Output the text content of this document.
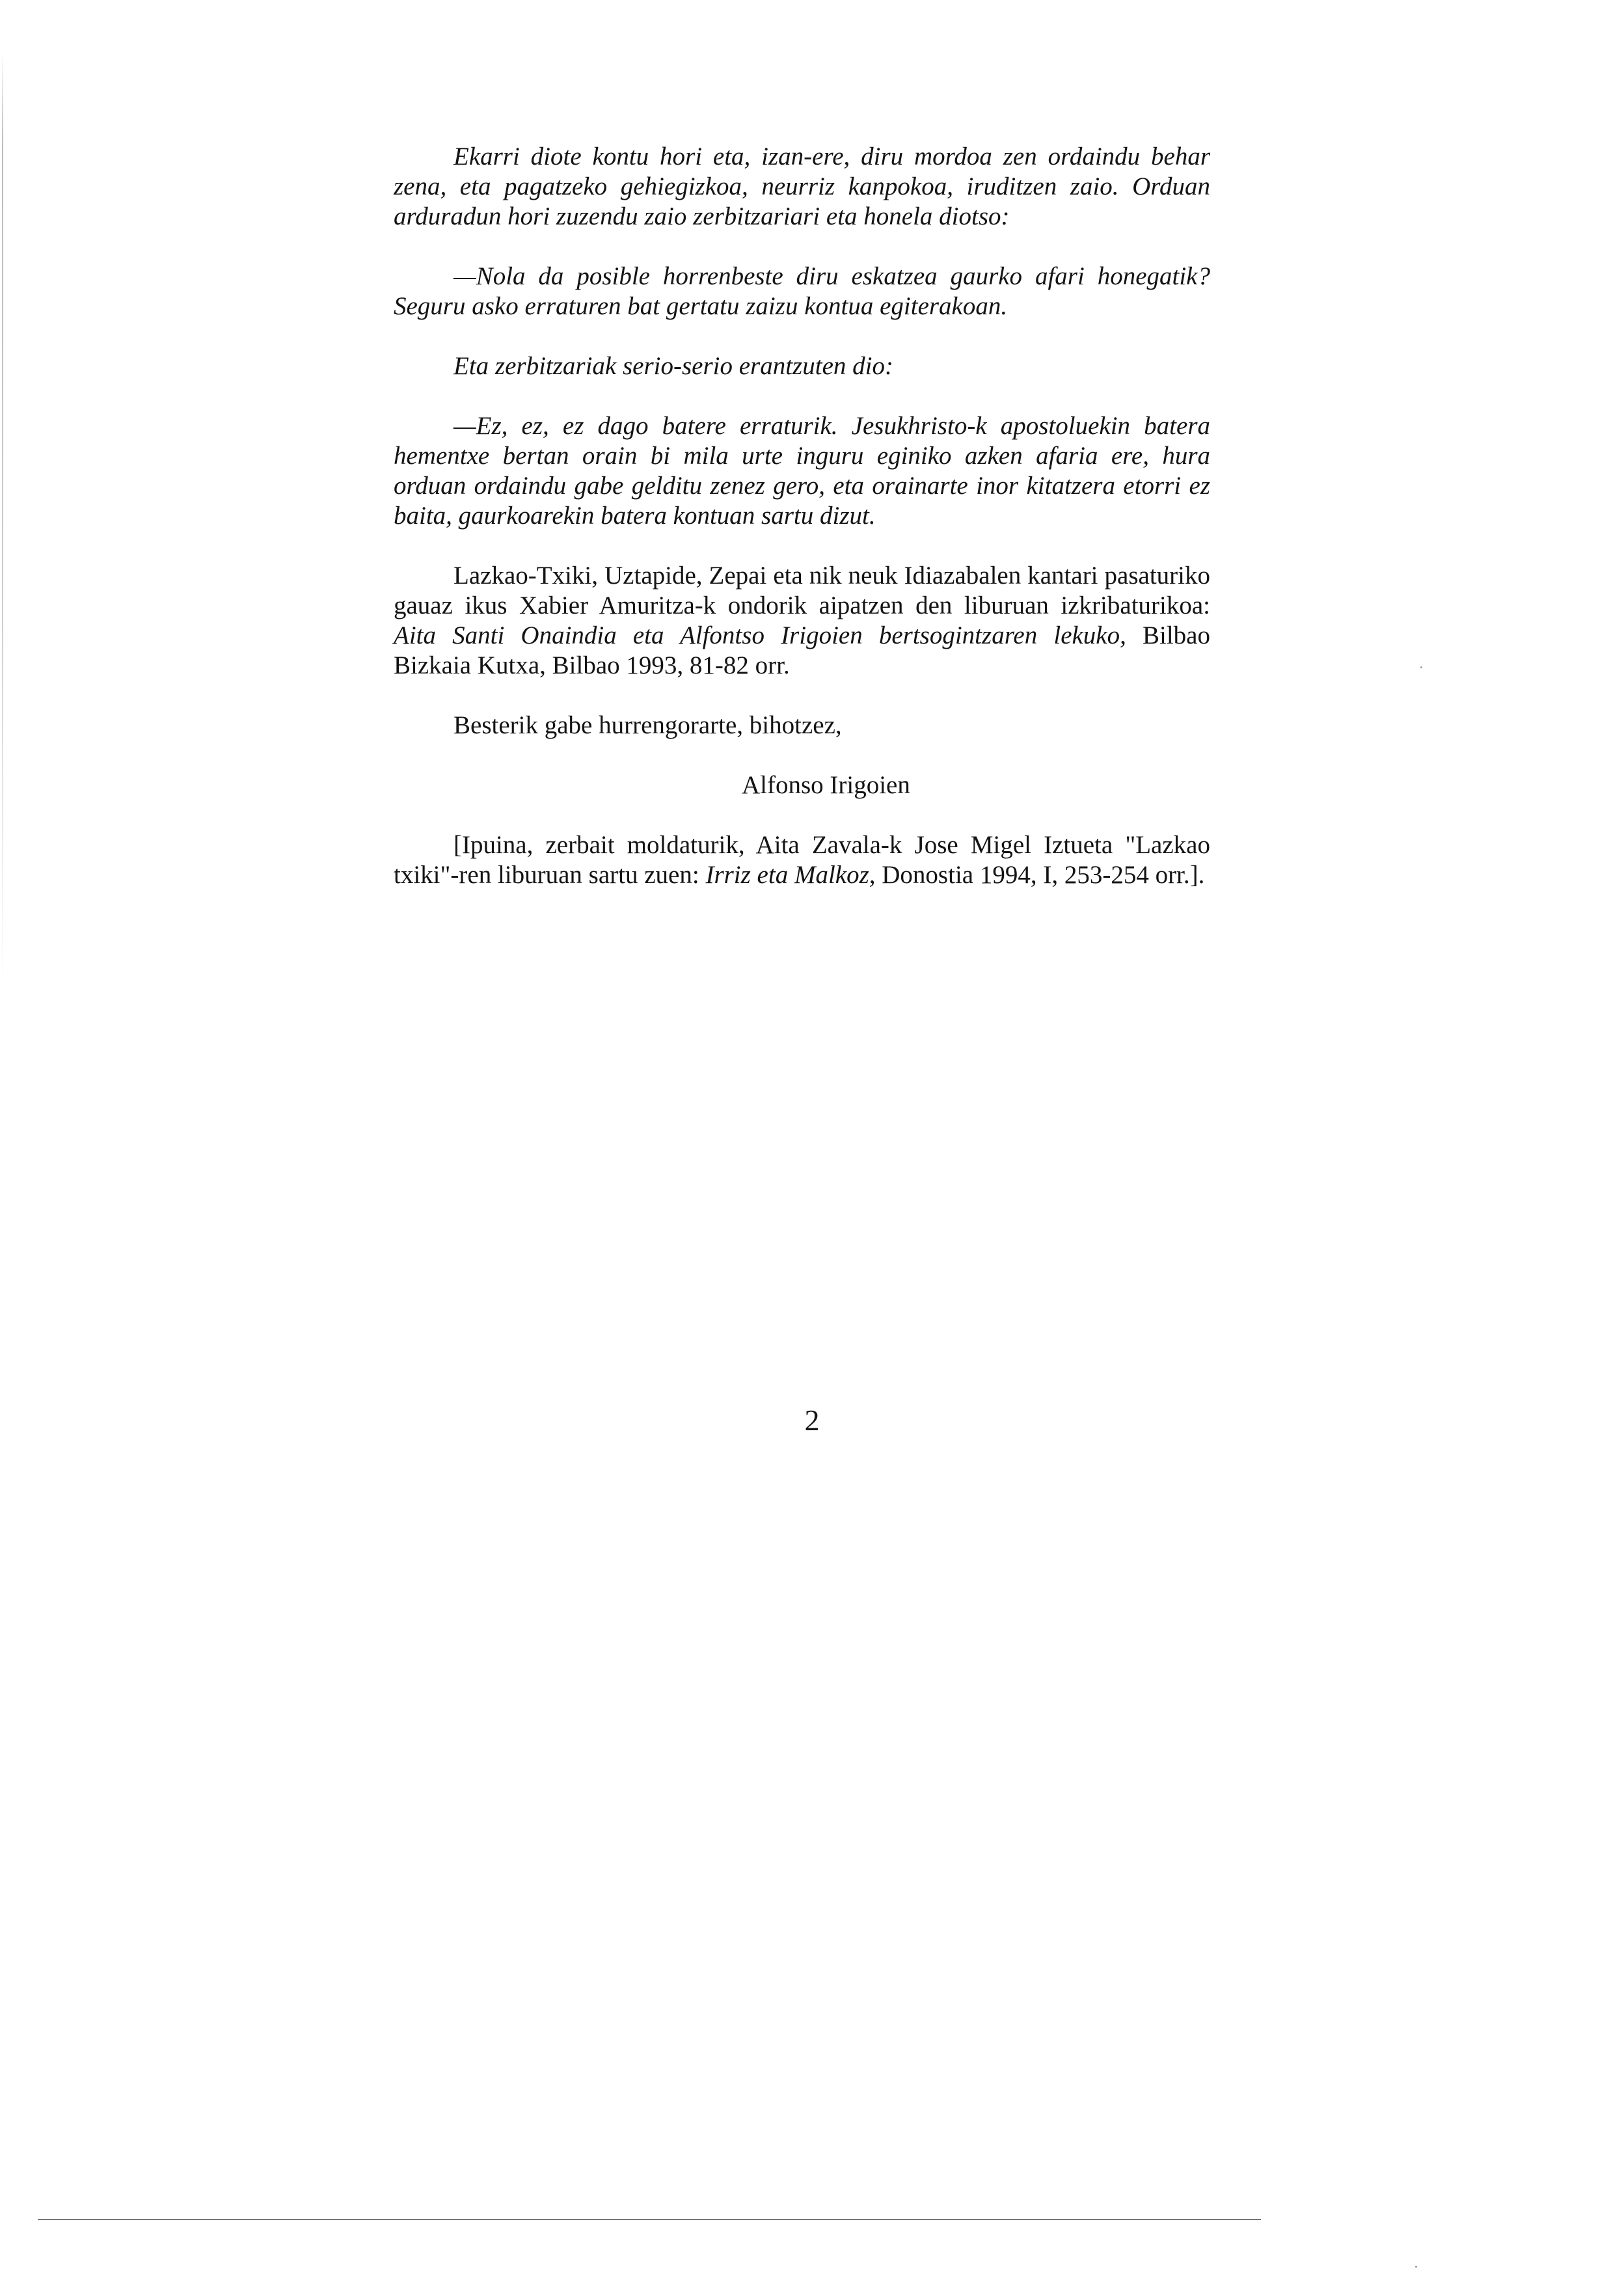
Ekarri diote kontu hori eta, izan-ere, diru mordoa zen ordaindu behar zena, eta pagatzeko gehiegizkoa, neurriz kanpokoa, iruditzen zaio. Orduan arduradun hori zuzendu zaio zerbitzariari eta honela diotso:

—Nola da posible horrenbeste diru eskatzea gaurko afari honegatik? Seguru asko erraturen bat gertatu zaizu kontua egiterakoan.

Eta zerbitzariak serio-serio erantzuten dio:

—Ez, ez, ez dago batere erraturik. Jesukhristo-k apostoluekin batera hementxe bertan orain bi mila urte inguru eginiko azken afaria ere, hura orduan ordaindu gabe gelditu zenez gero, eta orainarte inor kitatzera etorri ez baita, gaurkoarekin batera kontuan sartu dizut.

Lazkao-Txiki, Uztapide, Zepai eta nik neuk Idiazabalen kantari pasaturiko gauaz ikus Xabier Amuritza-k ondorik aipatzen den liburuan izkribaturikoa: Aita Santi Onaindia eta Alfontso Irigoien bertsogintzaren lekuko, Bilbao Bizkaia Kutxa, Bilbao 1993, 81-82 orr.

Besterik gabe hurrengorarte, bihotzez,

Alfonso Irigoien

[Ipuina, zerbait moldaturik, Aita Zavala-k Jose Migel Iztueta "Lazkao txiki"-ren liburuan sartu zuen: Irriz eta Malkoz, Donostia 1994, I, 253-254 orr.].

2
